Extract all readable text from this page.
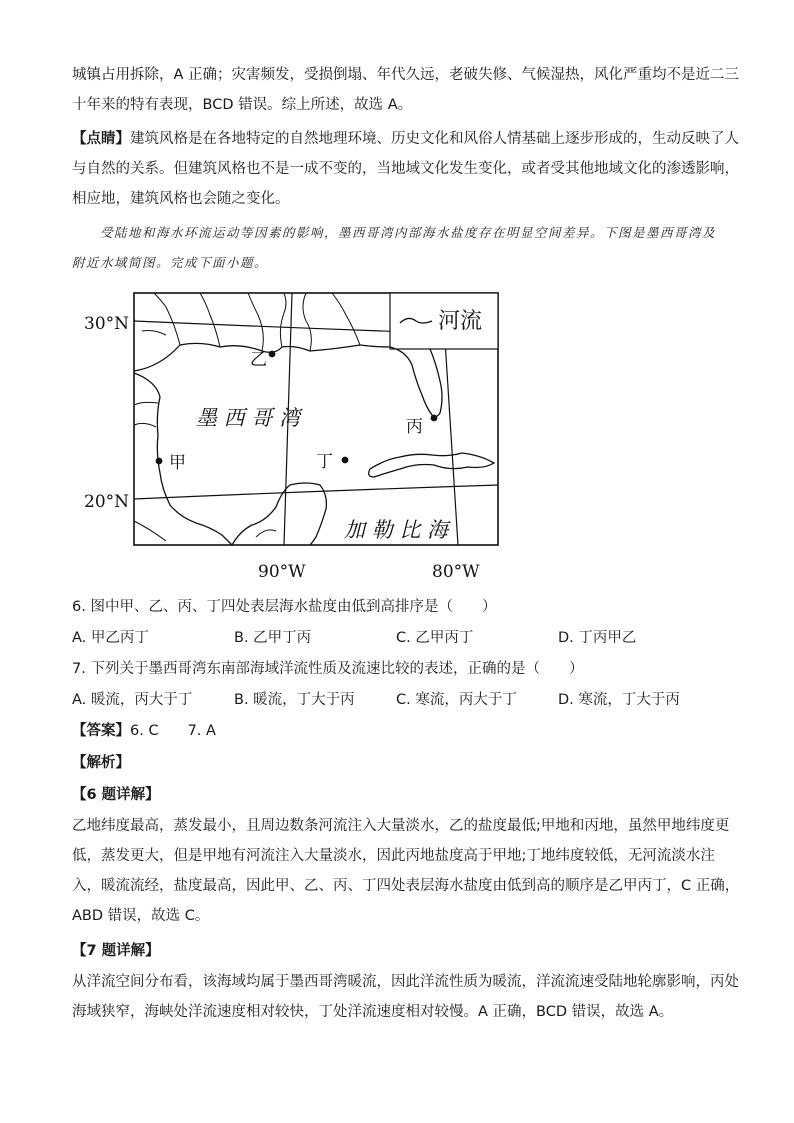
城镇占用拆除，A 正确；灾害频发，受损倒塌、年代久远，老破失修、气候湿热，风化严重均不是近二三
十年来的特有表现，BCD 错误。综上所述，故选 A。
【点睛】建筑风格是在各地特定的自然地理环境、历史文化和风俗人情基础上逐步形成的，生动反映了人
与自然的关系。但建筑风格也不是一成不变的，当地域文化发生变化，或者受其他地域文化的渗透影响，
相应地，建筑风格也会随之变化。
受陆地和海水环流运动等因素的影响，墨西哥湾内部海水盐度存在明显空间差异。下图是墨西哥湾及
附近水域简图。完成下面小题。
河流
30°N
20°N
90°W	80°W
墨 西 哥 湾
加 勒 比 海
乙
甲	丁
丙
6. 图中甲、乙、丙、丁四处表层海水盐度由低到高排序是（　　）
A. 甲乙丙丁	B. 乙甲丁丙	C. 乙甲丙丁	D. 丁丙甲乙
7. 下列关于墨西哥湾东南部海域洋流性质及流速比较的表述，正确的是（　　）
A. 暖流，丙大于丁	B. 暖流，丁大于丙	C. 寒流，丙大于丁	D. 寒流，丁大于丙
【答案】6. C　　7. A
【解析】
【6 题详解】
乙地纬度最高，蒸发最小，且周边数条河流注入大量淡水，乙的盐度最低;甲地和丙地，虽然甲地纬度更
低，蒸发更大，但是甲地有河流注入大量淡水，因此丙地盐度高于甲地;丁地纬度较低，无河流淡水注
入，暖流流经，盐度最高，因此甲、乙、丙、丁四处表层海水盐度由低到高的顺序是乙甲丙丁，C 正确，
ABD 错误，故选 C。
【7 题详解】
从洋流空间分布看，该海域均属于墨西哥湾暖流，因此洋流性质为暖流，洋流流速受陆地轮廓影响，丙处
海域狭窄，海峡处洋流速度相对较快，丁处洋流速度相对较慢。A 正确，BCD 错误，故选 A。
